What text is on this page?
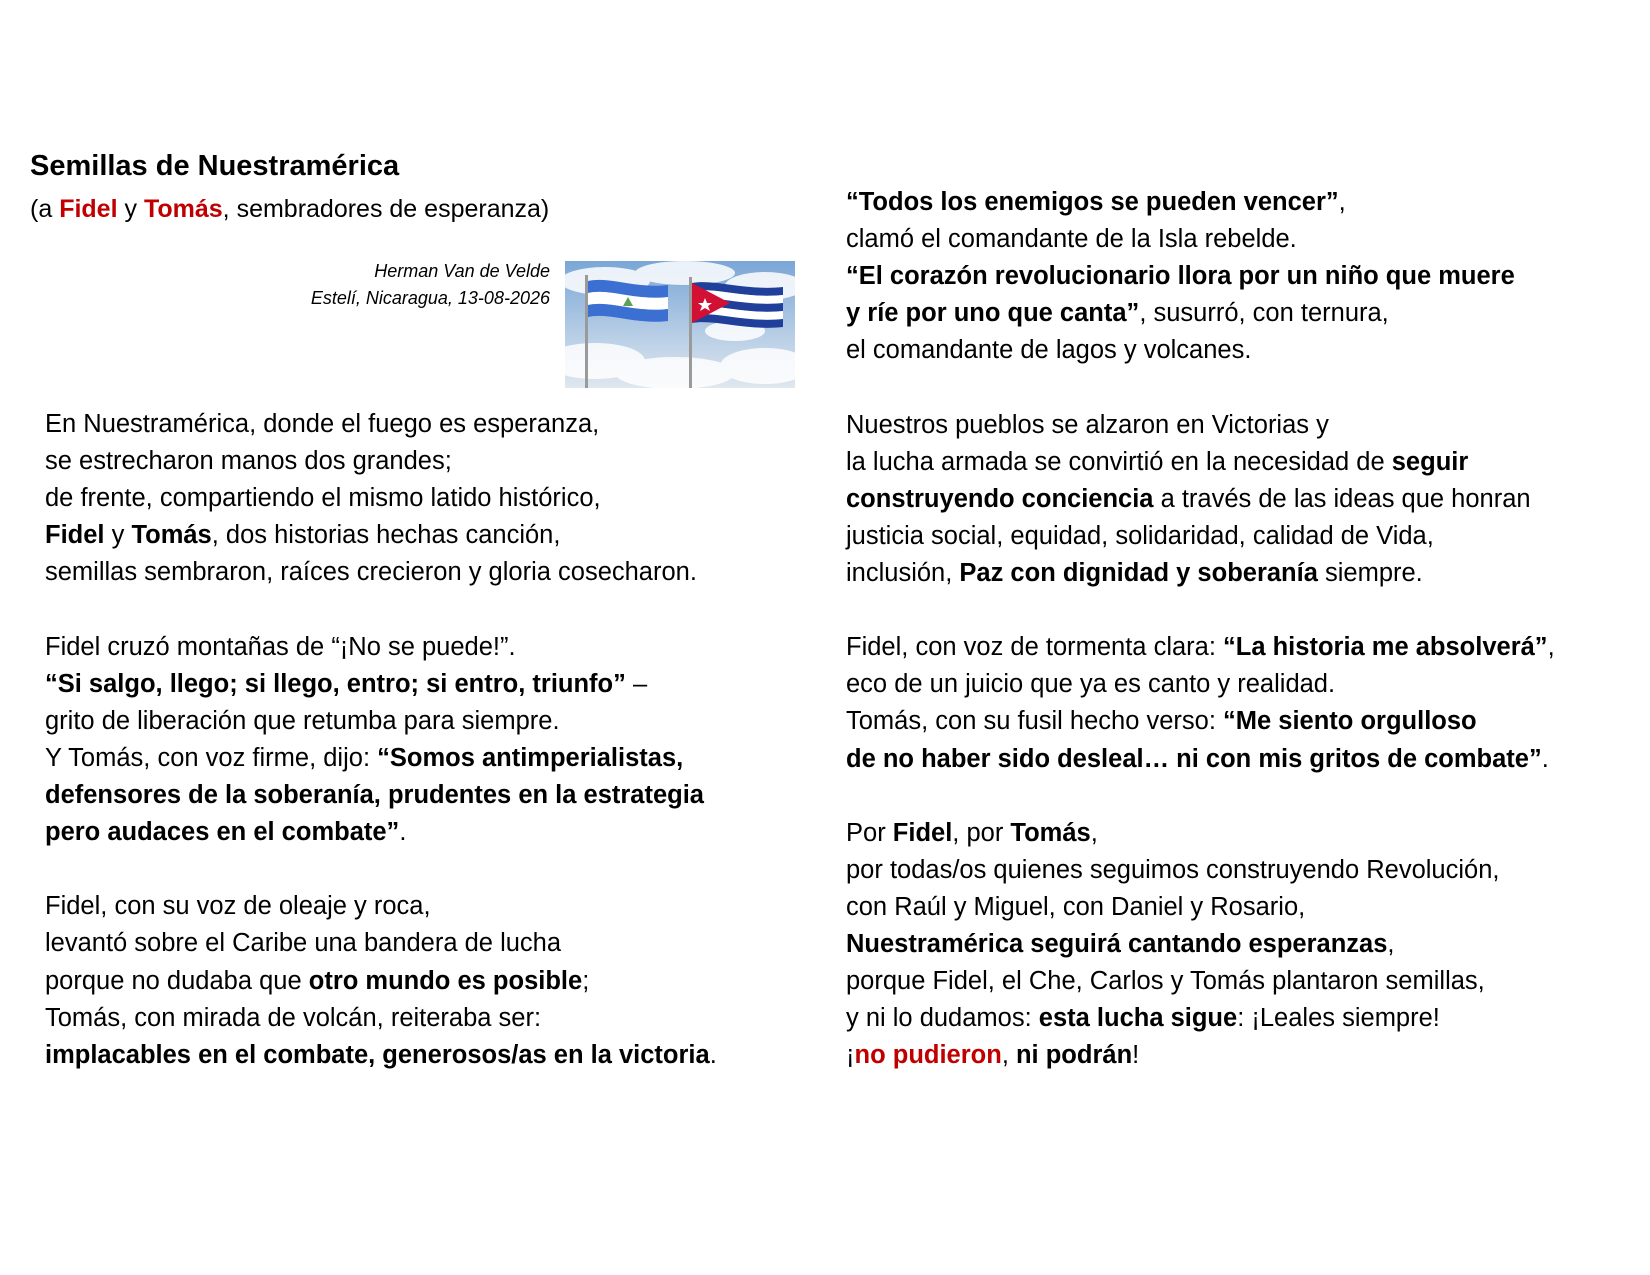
Semillas de Nuestramérica
(a Fidel y Tomás, sembradores de esperanza)
Herman Van de Velde
Estelí, Nicaragua, 13-08-2026
En Nuestramérica, donde el fuego es esperanza,
se estrecharon manos dos grandes;
de frente, compartiendo el mismo latido histórico,
Fidel y Tomás, dos historias hechas canción,
semillas sembraron, raíces crecieron y gloria cosecharon.
Fidel cruzó montañas de “¡No se puede!”.
“Si salgo, llego; si llego, entro; si entro, triunfo” –
grito de liberación que retumba para siempre.
Y Tomás, con voz firme, dijo: “Somos antimperialistas,
defensores de la soberanía, prudentes en la estrategia
pero audaces en el combate”.
Fidel, con su voz de oleaje y roca,
levantó sobre el Caribe una bandera de lucha
porque no dudaba que otro mundo es posible;
Tomás, con mirada de volcán, reiteraba ser:
implacables en el combate, generosos/as en la victoria.
“Todos los enemigos se pueden vencer”,
clamó el comandante de la Isla rebelde.
“El corazón revolucionario llora por un niño que muere
y ríe por uno que canta”, susurró, con ternura,
el comandante de lagos y volcanes.
Nuestros pueblos se alzaron en Victorias y
la lucha armada se convirtió en la necesidad de seguir
construyendo conciencia a través de las ideas que honran
justicia social, equidad, solidaridad, calidad de Vida,
inclusión, Paz con dignidad y soberanía siempre.
Fidel, con voz de tormenta clara: “La historia me absolverá”,
eco de un juicio que ya es canto y realidad.
Tomás, con su fusil hecho verso: “Me siento orgulloso
de no haber sido desleal… ni con mis gritos de combate”.
Por Fidel, por Tomás,
por todas/os quienes seguimos construyendo Revolución,
con Raúl y Miguel, con Daniel y Rosario,
Nuestramérica seguirá cantando esperanzas,
porque Fidel, el Che, Carlos y Tomás plantaron semillas,
y ni lo dudamos: esta lucha sigue: ¡Leales siempre!
¡no pudieron, ni podrán!
